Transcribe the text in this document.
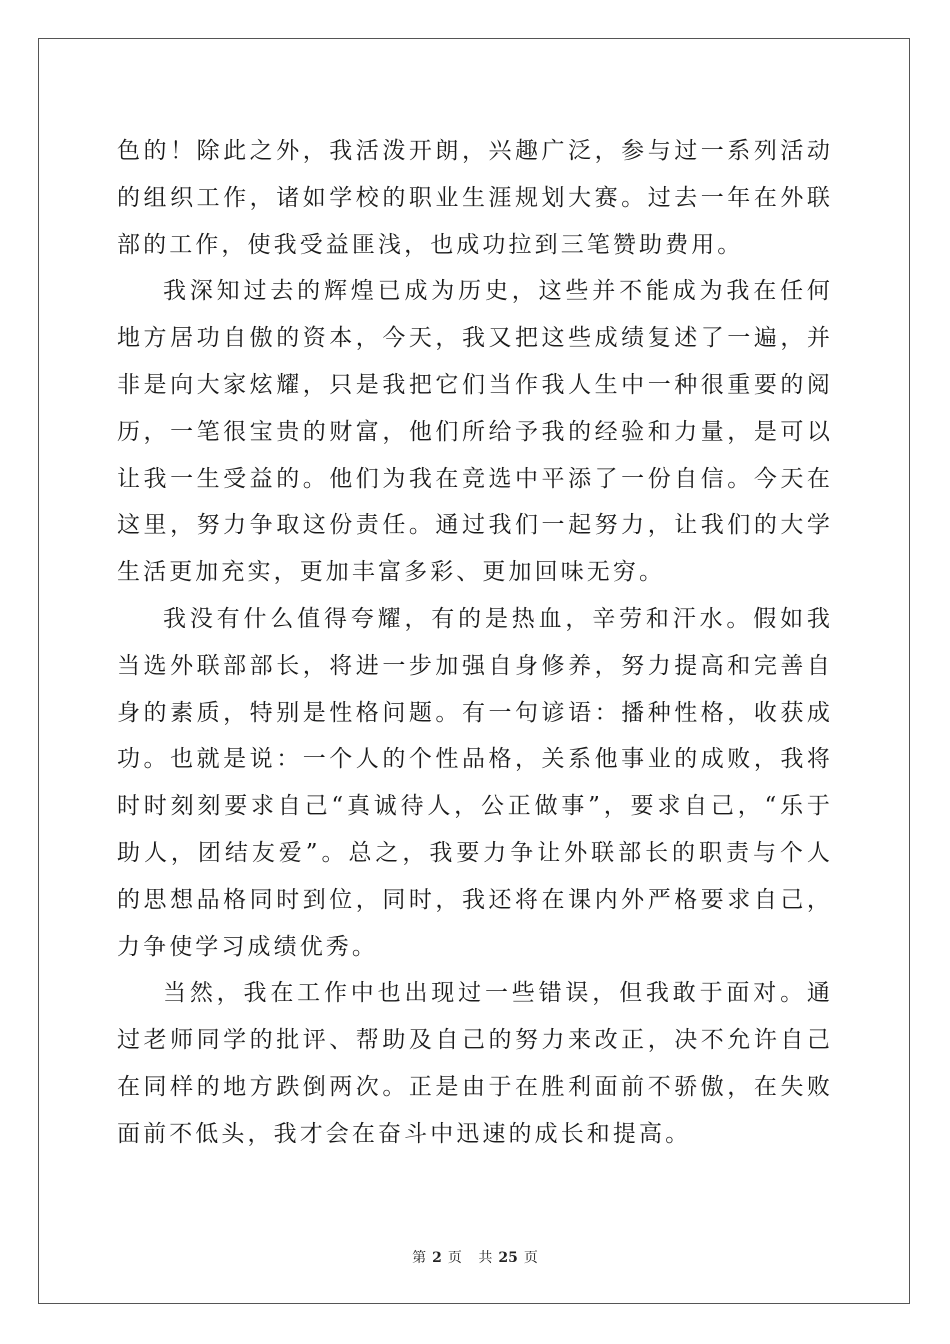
色的！除此之外，我活泼开朗，兴趣广泛，参与过一系列活动的组织工作，诸如学校的职业生涯规划大赛。过去一年在外联部的工作，使我受益匪浅，也成功拉到三笔赞助费用。

我深知过去的辉煌已成为历史，这些并不能成为我在任何地方居功自傲的资本，今天，我又把这些成绩复述了一遍，并非是向大家炫耀，只是我把它们当作我人生中一种很重要的阅历，一笔很宝贵的财富，他们所给予我的经验和力量，是可以让我一生受益的。他们为我在竞选中平添了一份自信。今天在这里，努力争取这份责任。通过我们一起努力，让我们的大学生活更加充实，更加丰富多彩、更加回味无穷。

我没有什么值得夸耀，有的是热血，辛劳和汗水。假如我当选外联部部长，将进一步加强自身修养，努力提高和完善自身的素质，特别是性格问题。有一句谚语：播种性格，收获成功。也就是说：一个人的个性品格，关系他事业的成败，我将时时刻刻要求自己“真诚待人，公正做事”，要求自己，“乐于助人，团结友爱”。总之，我要力争让外联部长的职责与个人的思想品格同时到位，同时，我还将在课内外严格要求自己，力争使学习成绩优秀。

当然，我在工作中也出现过一些错误，但我敢于面对。通过老师同学的批评、帮助及自己的努力来改正，决不允许自己在同样的地方跌倒两次。正是由于在胜利面前不骄傲，在失败面前不低头，我才会在奋斗中迅速的成长和提高。

第 2 页 共 25 页
